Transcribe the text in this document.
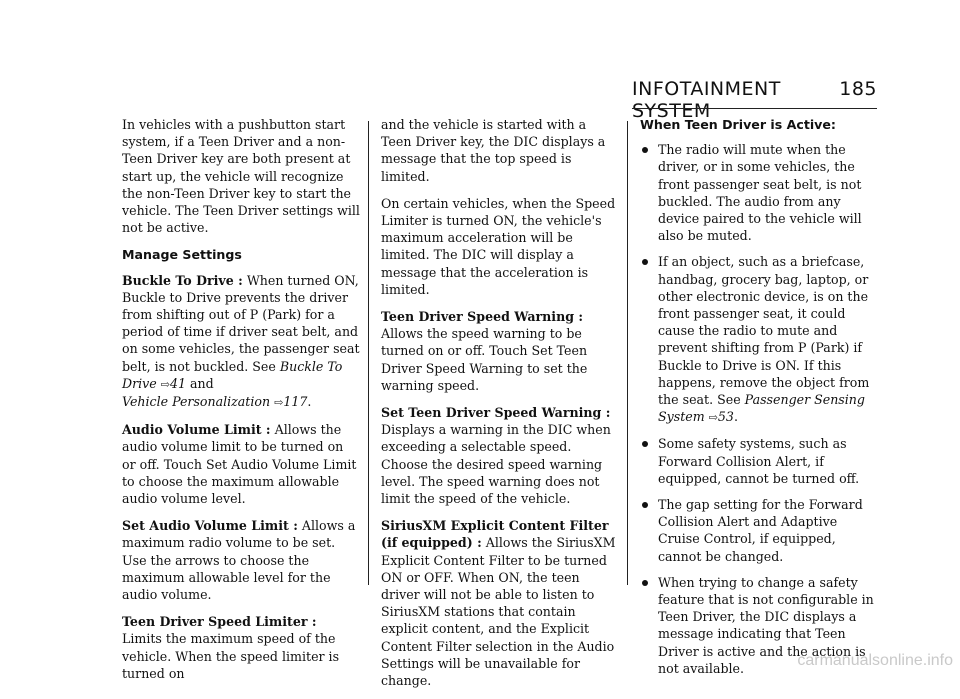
INFOTAINMENT SYSTEM
185

In vehicles with a pushbutton start system, if a Teen Driver and a non-Teen Driver key are both present at start up, the vehicle will recognize the non-Teen Driver key to start the vehicle. The Teen Driver settings will not be active.

Manage Settings

Buckle To Drive : When turned ON, Buckle to Drive prevents the driver from shifting out of P (Park) for a period of time if driver seat belt, and on some vehicles, the passenger seat belt, is not buckled. See Buckle To Drive ⇨41 and
Vehicle Personalization ⇨117.

Audio Volume Limit : Allows the audio volume limit to be turned on or off. Touch Set Audio Volume Limit to choose the maximum allowable audio volume level.

Set Audio Volume Limit : Allows a maximum radio volume to be set. Use the arrows to choose the maximum allowable level for the audio volume.

Teen Driver Speed Limiter : Limits the maximum speed of the vehicle. When the speed limiter is turned on

and the vehicle is started with a Teen Driver key, the DIC displays a message that the top speed is limited.

On certain vehicles, when the Speed Limiter is turned ON, the vehicle's maximum acceleration will be limited. The DIC will display a message that the acceleration is limited.

Teen Driver Speed Warning : Allows the speed warning to be turned on or off. Touch Set Teen Driver Speed Warning to set the warning speed.

Set Teen Driver Speed Warning : Displays a warning in the DIC when exceeding a selectable speed. Choose the desired speed warning level. The speed warning does not limit the speed of the vehicle.

SiriusXM Explicit Content Filter (if equipped) : Allows the SiriusXM Explicit Content Filter to be turned ON or OFF. When ON, the teen driver will not be able to listen to SiriusXM stations that contain explicit content, and the Explicit Content Filter selection in the Audio Settings will be unavailable for change.

When Teen Driver is Active:
The radio will mute when the driver, or in some vehicles, the front passenger seat belt, is not buckled. The audio from any device paired to the vehicle will also be muted.
If an object, such as a briefcase, handbag, grocery bag, laptop, or other electronic device, is on the front passenger seat, it could cause the radio to mute and prevent shifting from P (Park) if Buckle to Drive is ON. If this happens, remove the object from the seat. See Passenger Sensing System ⇨53.
Some safety systems, such as Forward Collision Alert, if equipped, cannot be turned off.
The gap setting for the Forward Collision Alert and Adaptive Cruise Control, if equipped, cannot be changed.
When trying to change a safety feature that is not configurable in Teen Driver, the DIC displays a message indicating that Teen Driver is active and the action is not available.	carmanualsonline.info
